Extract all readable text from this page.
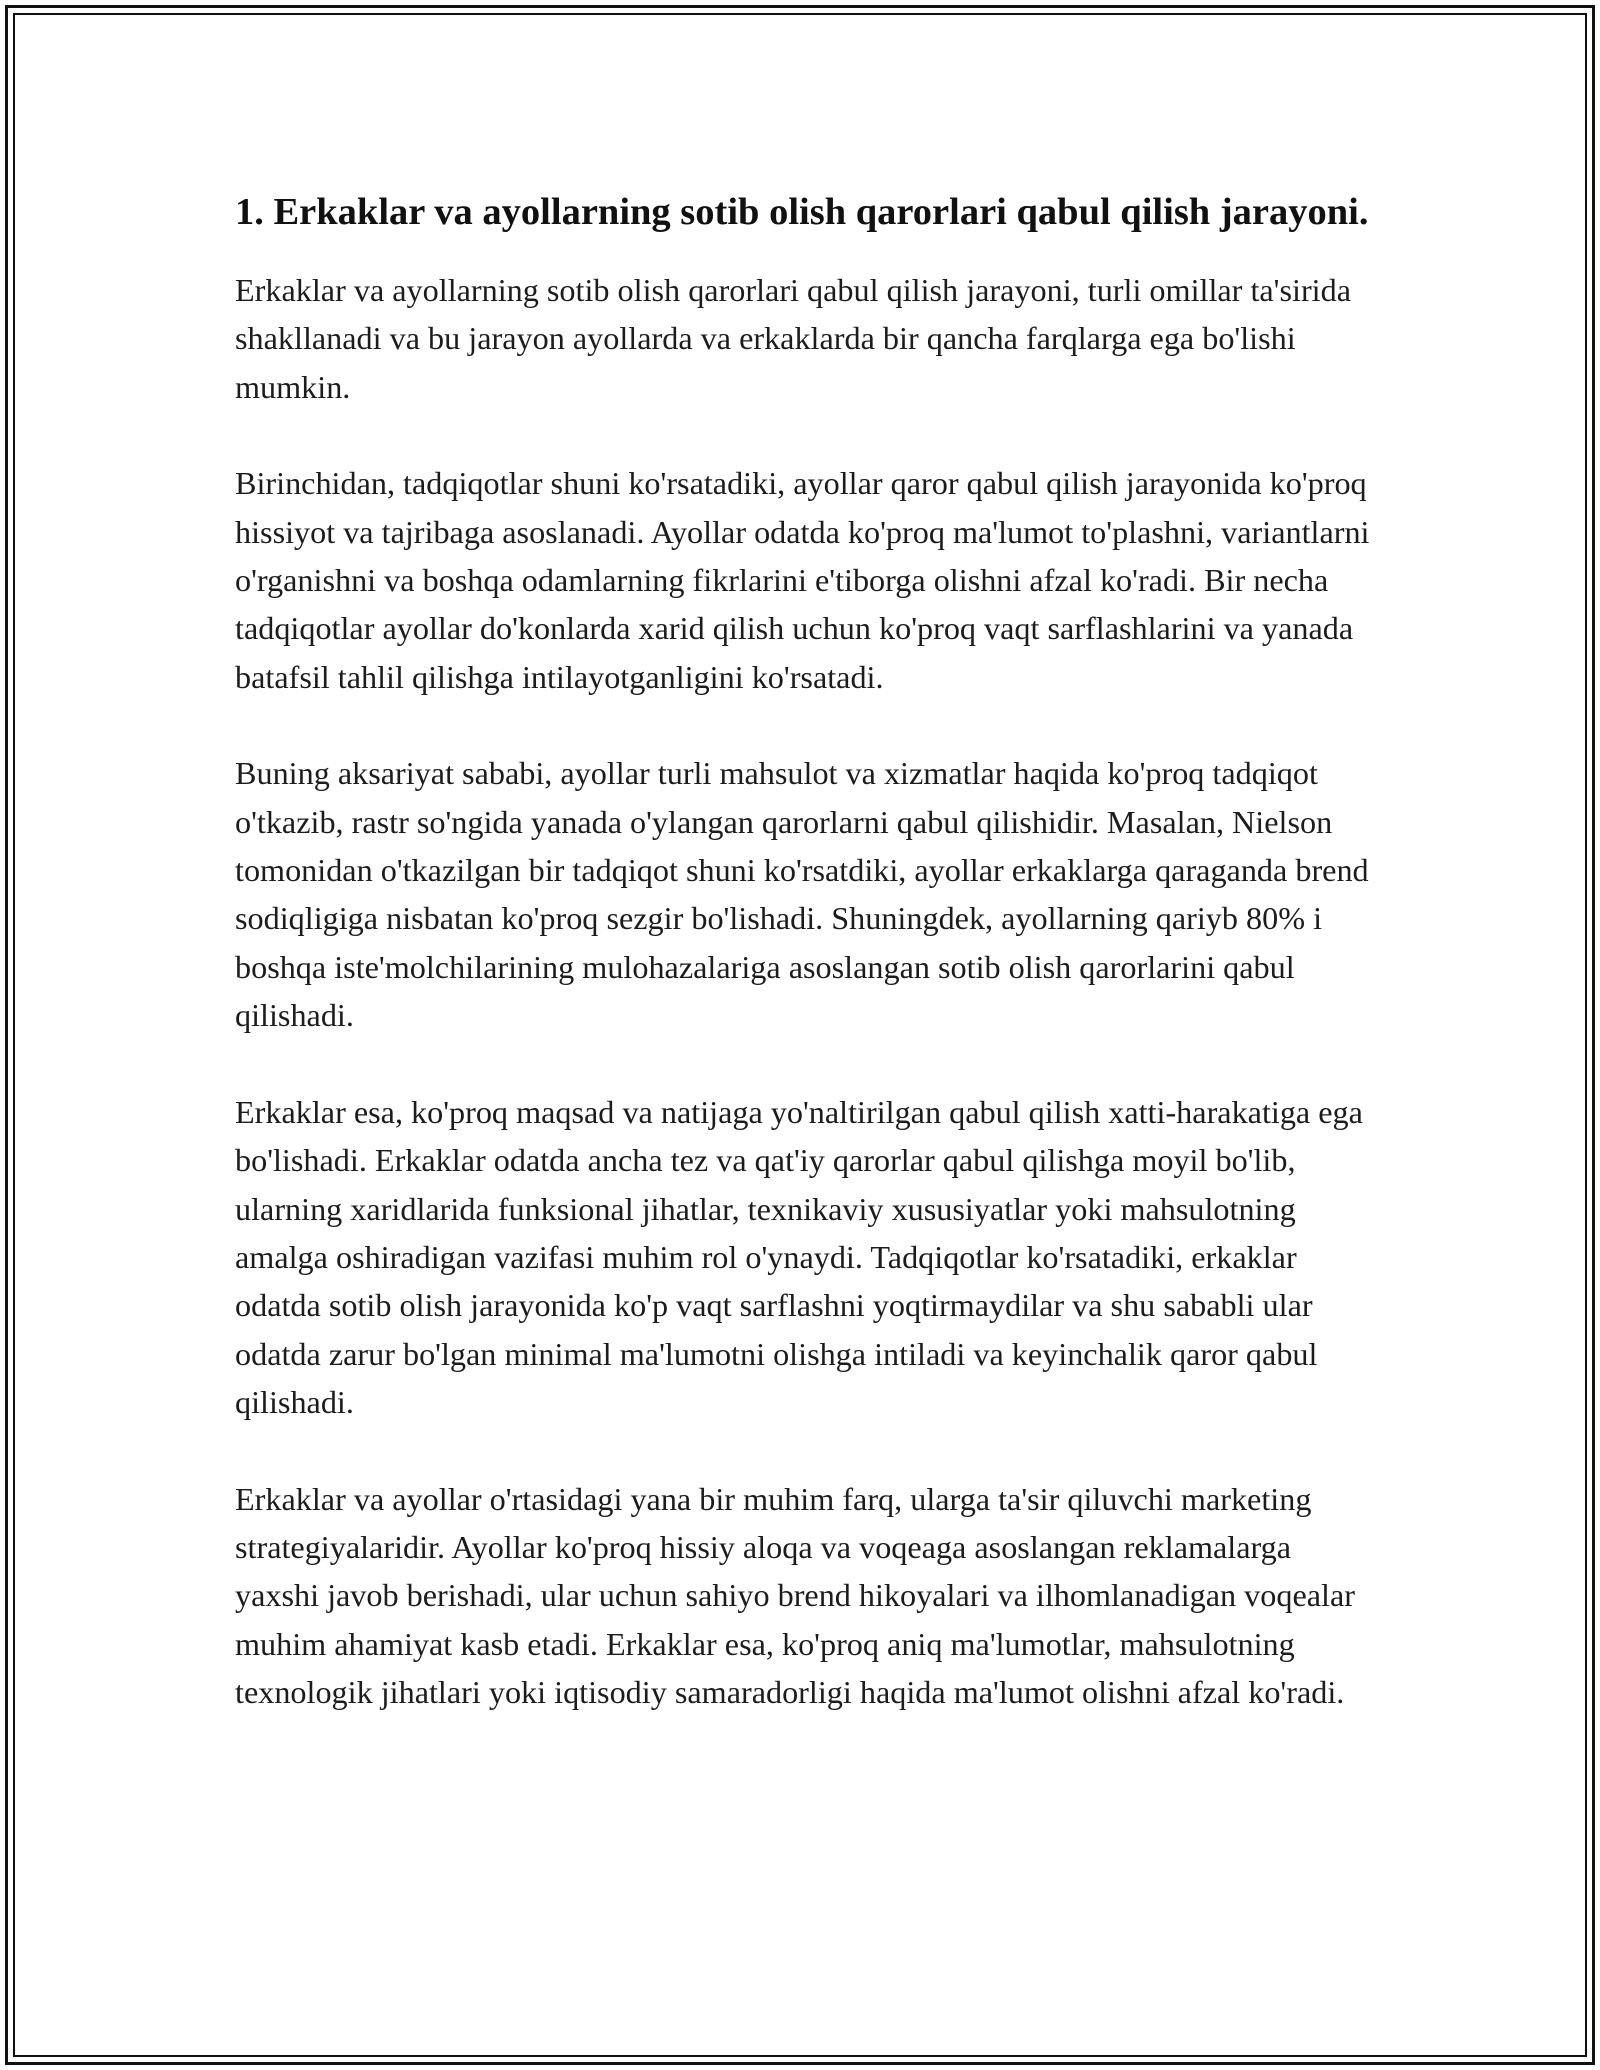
1. Erkaklar va ayollarning sotib olish qarorlari qabul qilish jarayoni.

Erkaklar va ayollarning sotib olish qarorlari qabul qilish jarayoni, turli omillar ta'sirida shakllanadi va bu jarayon ayollarda va erkaklarda bir qancha farqlarga ega bo'lishi mumkin.

Birinchidan, tadqiqotlar shuni ko'rsatadiki, ayollar qaror qabul qilish jarayonida ko'proq hissiyot va tajribaga asoslanadi. Ayollar odatda ko'proq ma'lumot to'plashni, variantlarni o'rganishni va boshqa odamlarning fikrlarini e'tiborga olishni afzal ko'radi. Bir necha tadqiqotlar ayollar do'konlarda xarid qilish uchun ko'proq vaqt sarflashlarini va yanada batafsil tahlil qilishga intilayotganligini ko'rsatadi.

Buning aksariyat sababi, ayollar turli mahsulot va xizmatlar haqida ko'proq tadqiqot o'tkazib, rastr so'ngida yanada o'ylangan qarorlarni qabul qilishidir. Masalan, Nielson tomonidan o'tkazilgan bir tadqiqot shuni ko'rsatdiki, ayollar erkaklarga qaraganda brend sodiqligiga nisbatan ko'proq sezgir bo'lishadi. Shuningdek, ayollarning qariyb 80% i boshqa iste'molchilarining mulohazalariga asoslangan sotib olish qarorlarini qabul qilishadi.

Erkaklar esa, ko'proq maqsad va natijaga yo'naltirilgan qabul qilish xatti-harakatiga ega bo'lishadi. Erkaklar odatda ancha tez va qat'iy qarorlar qabul qilishga moyil bo'lib, ularning xaridlarida funksional jihatlar, texnikaviy xususiyatlar yoki mahsulotning amalga oshiradigan vazifasi muhim rol o'ynaydi. Tadqiqotlar ko'rsatadiki, erkaklar odatda sotib olish jarayonida ko'p vaqt sarflashni yoqtirmaydilar va shu sababli ular odatda zarur bo'lgan minimal ma'lumotni olishga intiladi va keyinchalik qaror qabul qilishadi.

Erkaklar va ayollar o'rtasidagi yana bir muhim farq, ularga ta'sir qiluvchi marketing strategiyalaridir. Ayollar ko'proq hissiy aloqa va voqeaga asoslangan reklamalarga yaxshi javob berishadi, ular uchun sahiyo brend hikoyalari va ilhomlanadigan voqealar muhim ahamiyat kasb etadi. Erkaklar esa, ko'proq aniq ma'lumotlar, mahsulotning texnologik jihatlari yoki iqtisodiy samaradorligi haqida ma'lumot olishni afzal ko'radi.
